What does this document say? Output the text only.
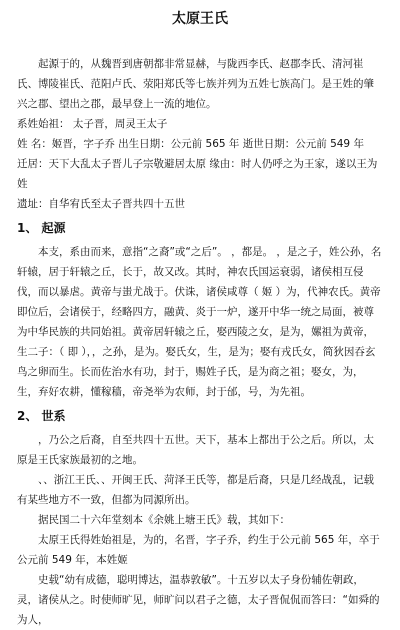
太原王氏

起源于的，从魏晋到唐朝都非常显赫，与陇西李氏、赵郡李氏、清河崔氏、博陵崔氏、范阳卢氏、荥阳郑氏等七族并列为五姓七族高门。是王姓的肇兴之郡、望出之郡，最早登上一流的地位。

系姓始祖： 太子晋，周灵王太子

姓 名：姬晋，字子乔 出生日期：公元前 565 年 逝世日期：公元前 549 年

迁居：天下大乱太子晋儿子宗敬避居太原 缘由：时人仍呼之为王家，遂以王为姓

遗址：自华宥氏至太子晋共四十五世

1、 起源

本支，系由而来，意指“之裔”或“之后”。 ，都是。 ，是之子，姓公孙，名轩辕，居于轩辕之丘，长于，故又改。其时，神农氏国运衰弱，诸侯相互侵伐，而以暴虐。黄帝与蚩尤战于。伏诛，诸侯咸尊（ 姬 ）为，代神农氏。黄帝即位后，会诸侯于，经略四方，融黄、炎于一炉，遂开中华一统之局面，被尊为中华民族的共同始祖。黄帝居轩辕之丘，娶西陵之女，是为，嫘祖为黄帝，生二子：（ 即 ），，之孙，是为。娶氏女，生，是为；娶有戎氏女，简狄因吞玄鸟之卵而生。长而佐治水有功，封于，赐姓子氏，是为商之祖；娶女，为，生，弃好农耕，懂稼穑，帝尧举为农师，封于邰，号，为先祖。

2、 世系

，乃公之后裔，自至共四十五世。天下，基本上都出于公之后。所以，太原是王氏家族最初的之地。

、、浙江王氏、、开闽王氏、菏泽王氏等，都是后裔，只是几经战乱，记载有某些地方不一致，但都为同源所出。

据民国二十六年堂刻本《余姚上塘王氏》载，其如下：

太原王氏得姓始祖是，为的，名晋，字子乔，约生于公元前 565 年，卒于公元前 549 年，本姓姬

史载“幼有成德，聪明博达，温恭敦敏”。十五岁以太子身份辅佐朝政，灵，诸侯从之。时使师旷见，师旷问以君子之德，太子晋侃侃而答曰：“如舜的为人，
